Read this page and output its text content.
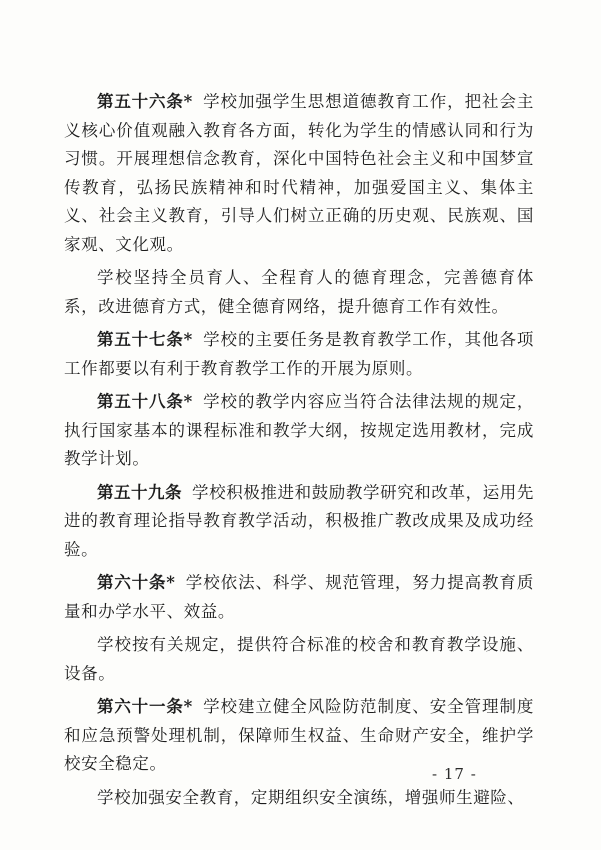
第五十六条* 学校加强学生思想道德教育工作，把社会主义核心价值观融入教育各方面，转化为学生的情感认同和行为习惯。开展理想信念教育，深化中国特色社会主义和中国梦宣传教育，弘扬民族精神和时代精神，加强爱国主义、集体主义、社会主义教育，引导人们树立正确的历史观、民族观、国家观、文化观。

学校坚持全员育人、全程育人的德育理念，完善德育体系，改进德育方式，健全德育网络，提升德育工作有效性。

第五十七条* 学校的主要任务是教育教学工作，其他各项工作都要以有利于教育教学工作的开展为原则。

第五十八条* 学校的教学内容应当符合法律法规的规定，执行国家基本的课程标准和教学大纲，按规定选用教材，完成教学计划。

第五十九条 学校积极推进和鼓励教学研究和改革，运用先进的教育理论指导教育教学活动，积极推广教改成果及成功经验。

第六十条* 学校依法、科学、规范管理，努力提高教育质量和办学水平、效益。

学校按有关规定，提供符合标准的校舍和教育教学设施、设备。

第六十一条* 学校建立健全风险防范制度、安全管理制度和应急预警处理机制，保障师生权益、生命财产安全，维护学校安全稳定。

学校加强安全教育，定期组织安全演练，增强师生避险、

- 17 -
